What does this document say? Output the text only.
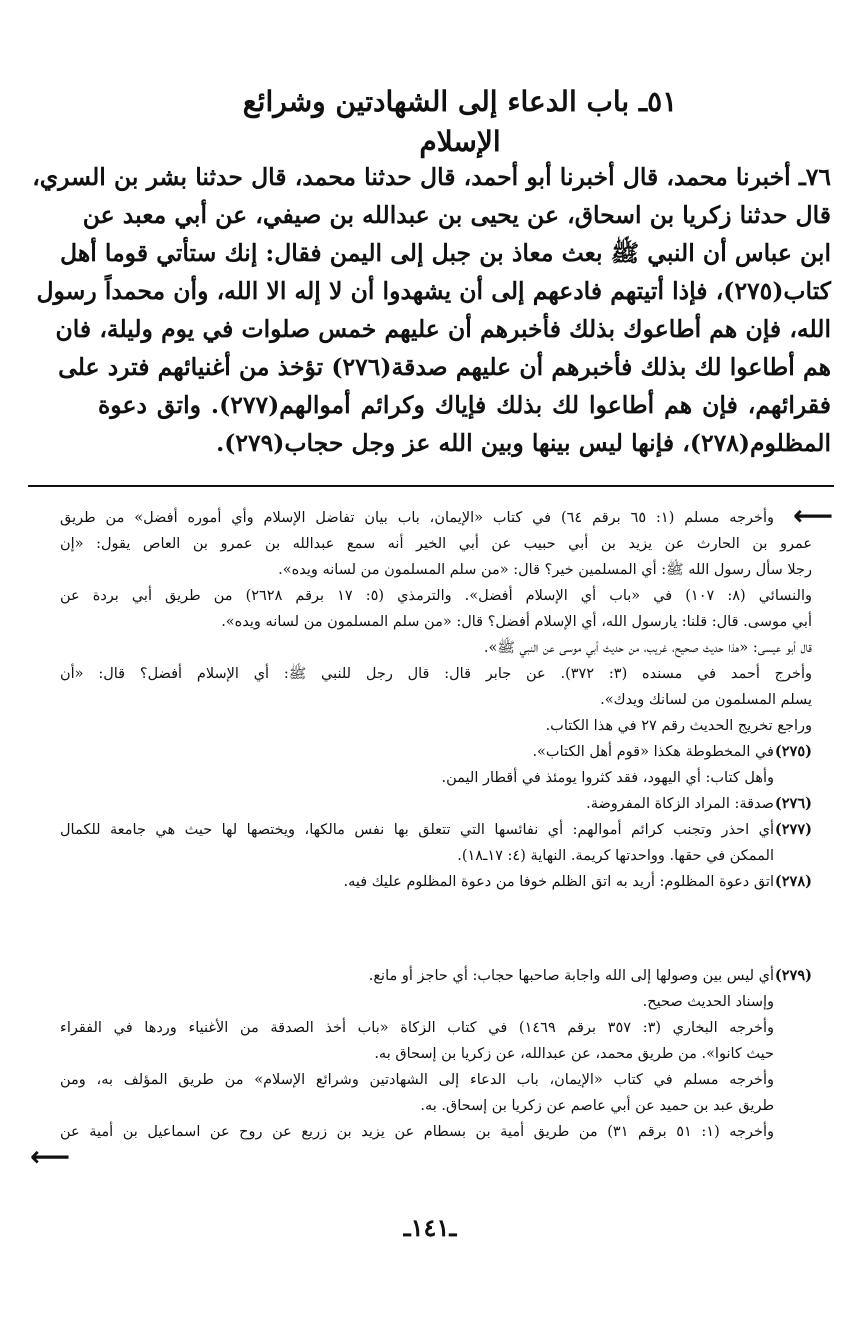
٥١ـ باب الدعاء إلى الشهادتين وشرائع الإسلام

٧٦ـ أخبرنا محمد، قال أخبرنا أبو أحمد، قال حدثنا محمد، قال حدثنا بشر بن السري،

قال حدثنا زكريا بن اسحاق، عن يحيى بن عبدالله بن صيفي، عن أبي معبد عن

ابن عباس أن النبي ﷺ بعث معاذ بن جبل إلى اليمن فقال: إنك ستأتي قوما أهل

كتاب(٢٧٥)، فإذا أتيتهم فادعهم إلى أن يشهدوا أن لا إله الا الله، وأن محمداً رسول

الله، فإن هم أطاعوك بذلك فأخبرهم أن عليهم خمس صلوات في يوم وليلة، فان

هم أطاعوا لك بذلك فأخبرهم أن عليهم صدقة(٢٧٦) تؤخذ من أغنيائهم فترد على

فقرائهم، فإن هم أطاعوا لك بذلك فإياك وكرائم أموالهم(٢٧٧). واتق دعوة

المظلوم(٢٧٨)، فإنها ليس بينها وبين الله عز وجل حجاب(٢٧٩).

⟵

وأخرجه مسلم (١: ٦٥ برقم ٦٤) في كتاب «الإيمان، باب بيان تفاضل الإسلام وأي أموره أفضل» من طريق

عمرو بن الحارث عن يزيد بن أبي حبيب عن أبي الخير أنه سمع عبدالله بن عمرو بن العاص يقول: «إن

رجلا سأل رسول الله ﷺ: أي المسلمين خير؟ قال: «من سلم المسلمون من لسانه ويده».

والنسائي (٨: ١٠٧) في «باب أي الإسلام أفضل». والترمذي (٥: ١٧ برقم ٢٦٢٨) من طريق أبي بردة عن

أبي موسى. قال: قلنا: يارسول الله، أي الإسلام أفضل؟ قال: «من سلم المسلمون من لسانه ويده».

قال أبو عيسى: «هذا حديث صحيح، غريب، من حديث أبي موسى عن النبي ﷺ».

وأخرج أحمد في مسنده (٣: ٣٧٢). عن جابر قال: قال رجل للنبي ﷺ: أي الإسلام أفضل؟ قال: «أن

يسلم المسلمون من لسانك ويدك».

وراجع تخريج الحديث رقم ٢٧ في هذا الكتاب.

(٢٧٥)في المخطوطة هكذا «قوم أهل الكتاب».

وأهل كتاب: أي اليهود، فقد كثروا يومئذ في أقطار اليمن.

(٢٧٦)صدقة: المراد الزكاة المفروضة.

(٢٧٧)أي احذر وتجنب كرائم أموالهم: أي نفائسها التي تتعلق بها نفس مالكها، ويختصها لها حيث هي جامعة للكمال

الممكن في حقها. وواحدتها كريمة. النهاية (٤: ١٧ـ١٨).

(٢٧٨)اتق دعوة المظلوم: أريد به اتق الظلم خوفا من دعوة المظلوم عليك فيه.

(٢٧٩)أي ليس بين وصولها إلى الله واجابة صاحبها حجاب: أي حاجز أو مانع.

وإسناد الحديث صحيح.

وأخرجه البخاري (٣: ٣٥٧ برقم ١٤٦٩) في كتاب الزكاة «باب أخذ الصدقة من الأغنياء وردها في الفقراء

حيث كانوا». من طريق محمد، عن عبدالله، عن زكريا بن إسحاق به.

وأخرجه مسلم في كتاب «الإيمان، باب الدعاء إلى الشهادتين وشرائع الإسلام» من طريق المؤلف به، ومن

طريق عبد بن حميد عن أبي عاصم عن زكريا بن إسحاق. به.

وأخرجه (١: ٥١ برقم ٣١) من طريق أمية بن بسطام عن يزيد بن زريع عن روح عن اسماعيل بن أمية عن

⟵
ـ١٤١ـ
